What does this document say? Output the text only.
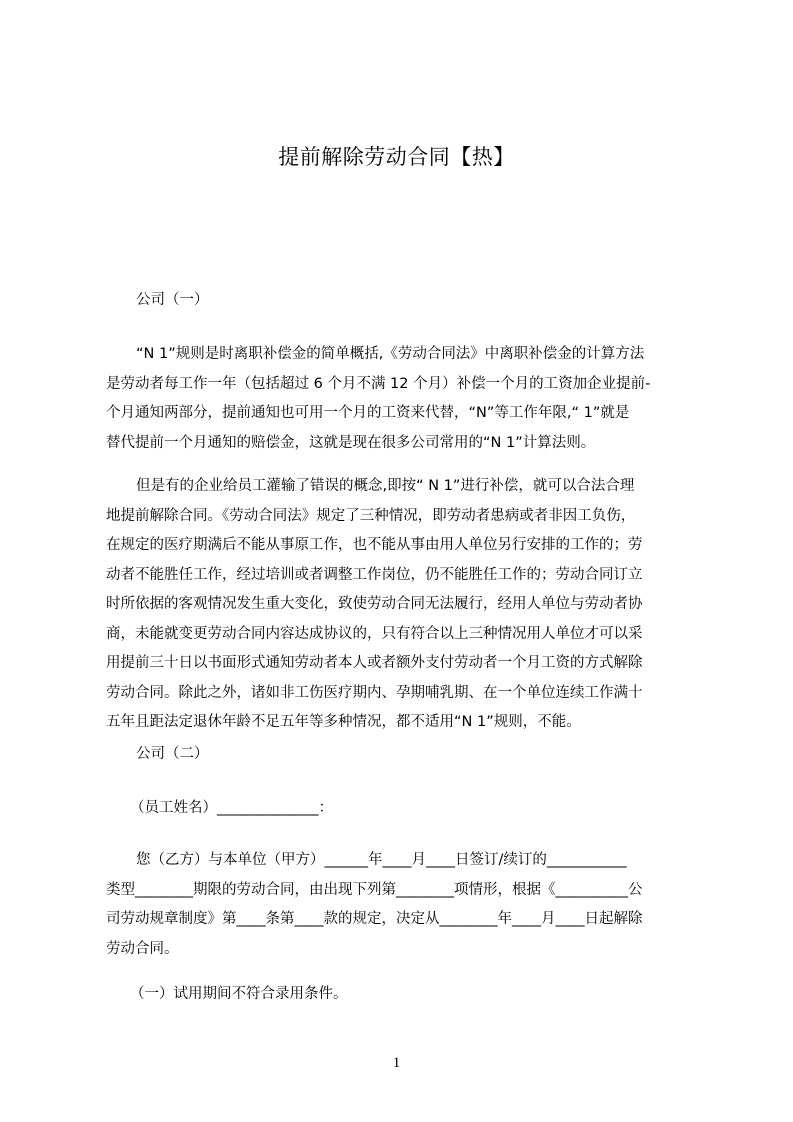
提前解除劳动合同【热】
公司（一）
“N 1”规则是时离职补偿金的简单概括,《劳动合同法》中离职补偿金的计算方法
是劳动者每工作一年（包括超过 6 个月不满 12 个月）补偿一个月的工资加企业提前-
个月通知两部分，提前通知也可用一个月的工资来代替，“N”等工作年限,“ 1”就是
替代提前一个月通知的赔偿金，这就是现在很多公司常用的“N 1”计算法则。
但是有的企业给员工灌输了错误的概念,即按“ N 1”进行补偿，就可以合法合理
地提前解除合同。《劳动合同法》规定了三种情况，即劳动者患病或者非因工负伤，
在规定的医疗期满后不能从事原工作，也不能从事由用人单位另行安排的工作的；劳
动者不能胜任工作，经过培训或者调整工作岗位，仍不能胜任工作的；劳动合同订立
时所依据的客观情况发生重大变化，致使劳动合同无法履行，经用人单位与劳动者协
商，未能就变更劳动合同内容达成协议的，只有符合以上三种情况用人单位才可以采
用提前三十日以书面形式通知劳动者本人或者额外支付劳动者一个月工资的方式解除
劳动合同。除此之外，诸如非工伤医疗期内、孕期哺乳期、在一个单位连续工作满十
五年且距法定退休年龄不足五年等多种情况，都不适用“N 1”规则，不能。
公司（二）
（员工姓名）______________：
您（乙方）与本单位（甲方）______年____月____日签订/续订的___________
类型________期限的劳动合同，由出现下列第________项情形，根据《__________公
司劳动规章制度》第____条第____款的规定，决定从________年____月____日起解除
劳动合同。
（一）试用期间不符合录用条件。
1
